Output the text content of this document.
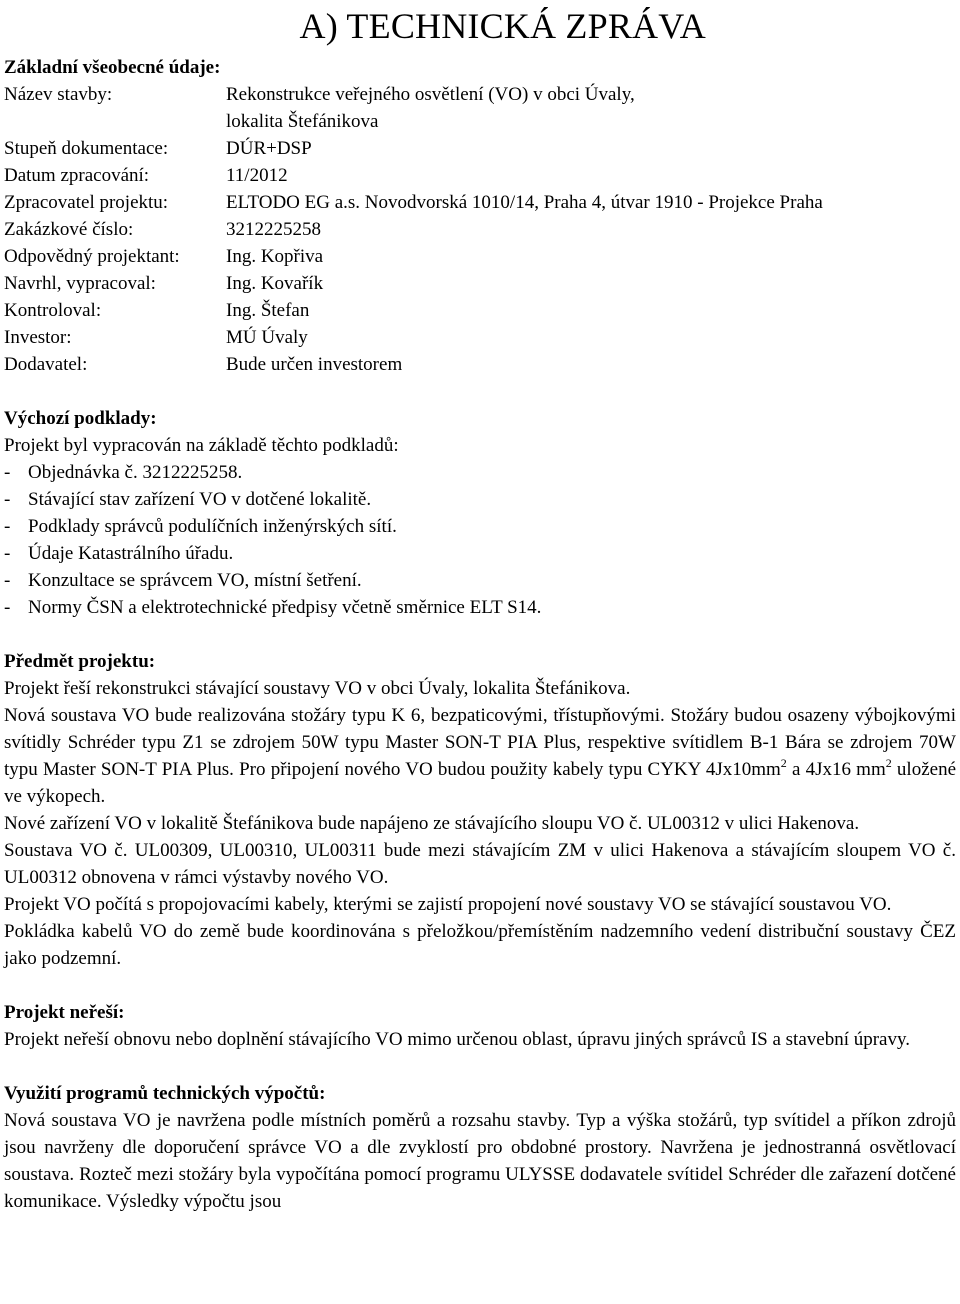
A) TECHNICKÁ ZPRÁVA

Základní všeobecné údaje:

Název stavby:	Rekonstrukce veřejného osvětlení (VO) v obci Úvaly,
lokalita Štefánikova
Stupeň dokumentace:	DÚR+DSP
Datum zpracování:	11/2012
Zpracovatel projektu:	ELTODO EG a.s. Novodvorská 1010/14, Praha 4, útvar 1910 - Projekce Praha
Zakázkové číslo:	3212225258
Odpovědný projektant:	Ing. Kopřiva
Navrhl, vypracoval:	Ing. Kovařík
Kontroloval:	Ing. Štefan
Investor:	MÚ Úvaly
Dodavatel:	Bude určen investorem

Výchozí podklady:

Projekt byl vypracován na základě těchto podkladů:

- Objednávka č. 3212225258.
- Stávající stav zařízení VO v dotčené lokalitě.
- Podklady správců podulíčních inženýrských sítí.
- Údaje Katastrálního úřadu.
- Konzultace se správcem VO, místní šetření.
- Normy ČSN a elektrotechnické předpisy včetně směrnice ELT S14.

Předmět projektu:

Projekt řeší rekonstrukci stávající soustavy VO v obci Úvaly, lokalita Štefánikova.

Nová soustava VO bude realizována stožáry typu K 6, bezpaticovými, třístupňovými. Stožáry budou osazeny výbojkovými svítidly Schréder typu Z1 se zdrojem 50W typu Master SON-T PIA Plus, respektive svítidlem B-1 Bára se zdrojem 70W typu Master SON-T PIA Plus. Pro připojení nového VO budou použity kabely typu CYKY $4Jx10mm^2$ a 4Jx16 $mm^2$ uložené ve výkopech.

Nové zařízení VO v lokalitě Štefánikova bude napájeno ze stávajícího sloupu VO č. UL00312 v ulici Hakenova.

Soustava VO č. UL00309, UL00310, UL00311 bude mezi stávajícím ZM v ulici Hakenova a stávajícím sloupem VO č. UL00312 obnovena v rámci výstavby nového VO.

Projekt VO počítá s propojovacími kabely, kterými se zajistí propojení nové soustavy VO se stávající soustavou VO.

Pokládka kabelů VO do země bude koordinována s přeložkou/přemístěním nadzemního vedení distribuční soustavy ČEZ jako podzemní.

Projekt neřeší:

Projekt neřeší obnovu nebo doplnění stávajícího VO mimo určenou oblast, úpravu jiných správců IS a stavební úpravy.

Využití programů technických výpočtů:

Nová soustava VO je navržena podle místních poměrů a rozsahu stavby. Typ a výška stožárů, typ svítidel a příkon zdrojů jsou navrženy dle doporučení správce VO a dle zvyklostí pro obdobné prostory. Navržena je jednostranná osvětlovací soustava. Rozteč mezi stožáry byla vypočítána pomocí programu ULYSSE dodavatele svítidel Schréder dle zařazení dotčené komunikace. Výsledky výpočtu jsou
